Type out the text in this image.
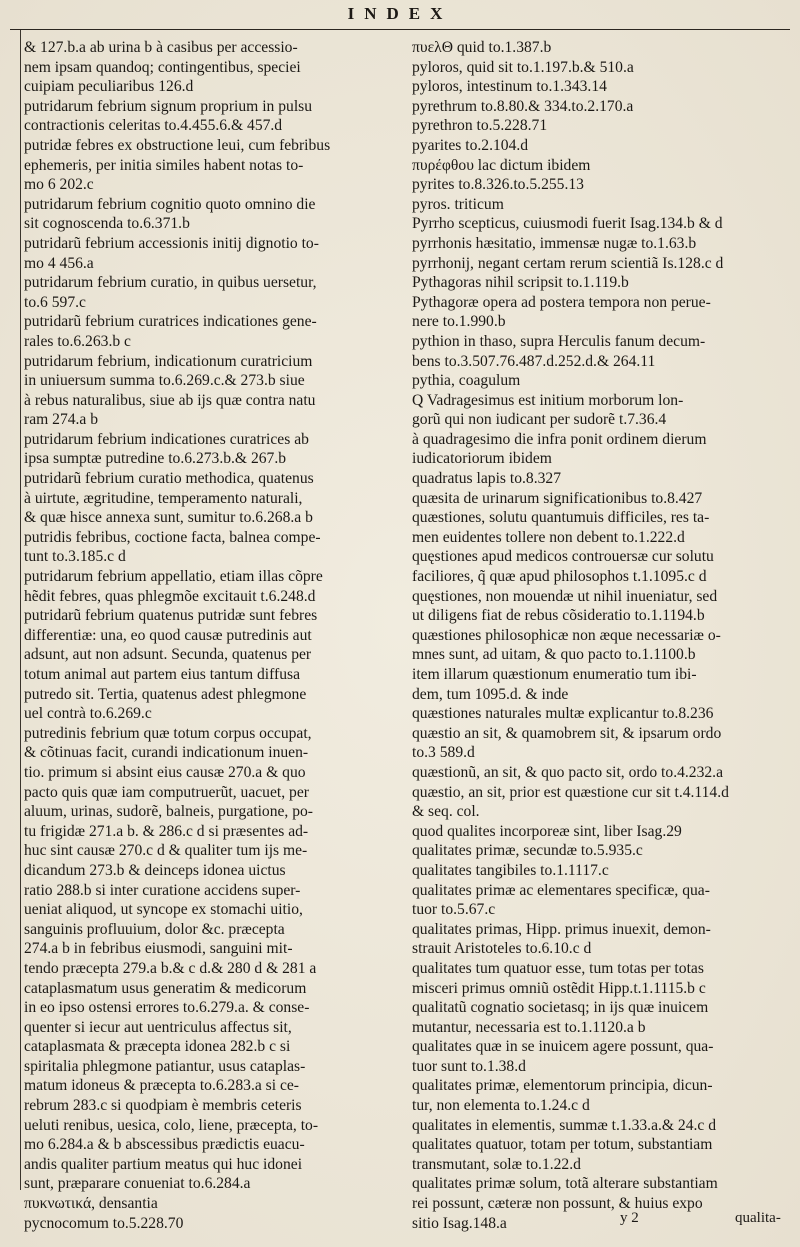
INDEX
& 127.b.a ab urina b à casibus per accessio-
nem ipsam quandoq; contingentibus, speciei
cuipiam peculiaribus 126.d
putridarum febrium signum proprium in pulsu
contractionis celeritas to.4.455.6.& 457.d
putridæ febres ex obstructione leui, cum febribus
ephemeris, per initia similes habent notas to-
mo 6 202.c
putridarum febrium cognitio quoto omnino die
sit cognoscenda to.6.371.b
putridarũ febrium accessionis initij dignotio to-
mo 4 456.a
putridarum febrium curatio, in quibus uersetur,
to.6 597.c
putridarũ febrium curatrices indicationes gene-
rales to.6.263.b c
putridarum febrium, indicationum curatricium
in uniuersum summa to.6.269.c.& 273.b siue
à rebus naturalibus, siue ab ijs quæ contra natu
ram 274.a b
putridarum febrium indicationes curatrices ab
ipsa sumptæ putredine to.6.273.b.& 267.b
putridarũ febrium curatio methodica, quatenus
à uirtute, ægritudine, temperamento naturali,
& quæ hisce annexa sunt, sumitur to.6.268.a b
putridis febribus, coctione facta, balnea compe-
tunt to.3.185.c d
putridarum febrium appellatio, etiam illas cõpre
hẽdit febres, quas phlegmõe excitauit t.6.248.d
putridarũ febrium quatenus putridæ sunt febres
differentiæ: una, eo quod causæ putredinis aut
adsunt, aut non adsunt. Secunda, quatenus per
totum animal aut partem eius tantum diffusa
putredo sit. Tertia, quatenus adest phlegmone
uel contrà to.6.269.c
putredinis febrium quæ totum corpus occupat,
& cõtinuas facit, curandi indicationum inuen-
tio. primum si absint eius causæ 270.a & quo
pacto quis quæ iam computruerũt, uacuet, per
aluum, urinas, sudorẽ, balneis, purgatione, po-
tu frigidæ 271.a b. & 286.c d si præsentes ad-
huc sint causæ 270.c d & qualiter tum ijs me-
dicandum 273.b & deinceps idonea uictus
ratio 288.b si inter curatione accidens super-
ueniat aliquod, ut syncope ex stomachi uitio,
sanguinis profluuium, dolor &c. præcepta
274.a b in febribus eiusmodi, sanguini mit-
tendo præcepta 279.a b.& c d.& 280 d & 281 a
cataplasmatum usus generatim & medicorum
in eo ipso ostensi errores to.6.279.a. & conse-
quenter si iecur aut uentriculus affectus sit,
cataplasmata & præcepta idonea 282.b c si
spiritalia phlegmone patiantur, usus cataplas-
matum idoneus & præcepta to.6.283.a si ce-
rebrum 283.c si quodpiam è membris ceteris
ueluti renibus, uesica, colo, liene, præcepta, to-
mo 6.284.a & b abscessibus prædictis euacu-
andis qualiter partium meatus qui huc idonei
sunt, præparare conueniat to.6.284.a
πυκνωτικά, densantia
pycnocomum to.5.228.70
πυελΘ quid to.1.387.b
pyloros, quid sit to.1.197.b.& 510.a
pyloros, intestinum to.1.343.14
pyrethrum to.8.80.& 334.to.2.170.a
pyrethron to.5.228.71
pyarites to.2.104.d
πυρέφθου lac dictum ibidem
pyrites to.8.326.to.5.255.13
pyros. triticum
Pyrrho scepticus, cuiusmodi fuerit Isag.134.b & d
pyrrhonis hæsitatio, immensæ nugæ to.1.63.b
pyrrhonij, negant certam rerum scientiã Is.128.c d
Pythagoras nihil scripsit to.1.119.b
Pythagoræ opera ad postera tempora non perue-
nere to.1.990.b
pythion in thaso, supra Herculis fanum decum-
bens to.3.507.76.487.d.252.d.& 264.11
pythia, coagulum
Q Vadragesimus est initium morborum lon-
gorũ qui non iudicant per sudorẽ t.7.36.4
à quadragesimo die infra ponit ordinem dierum
iudicatoriorum ibidem
quadratus lapis to.8.327
quæsita de urinarum significationibus to.8.427
quæstiones, solutu quantumuis difficiles, res ta-
men euidentes tollere non debent to.1.222.d
quęstiones apud medicos controuersæ cur solutu
faciliores, q̃ quæ apud philosophos t.1.1095.c d
quęstiones, non mouendæ ut nihil inueniatur, sed
ut diligens fiat de rebus cõsideratio to.1.1194.b
quæstiones philosophicæ non æque necessariæ o-
mnes sunt, ad uitam, & quo pacto to.1.1100.b
item illarum quæstionum enumeratio tum ibi-
dem, tum 1095.d. & inde
quæstiones naturales multæ explicantur to.8.236
quæstio an sit, & quamobrem sit, & ipsarum ordo
to.3 589.d
quæstionũ, an sit, & quo pacto sit, ordo to.4.232.a
quæstio, an sit, prior est quæstione cur sit t.4.114.d
& seq. col.
quod qualites incorporeæ sint, liber Isag.29
qualitates primæ, secundæ to.5.935.c
qualitates tangibiles to.1.1117.c
qualitates primæ ac elementares specificæ, qua-
tuor to.5.67.c
qualitates primas, Hipp. primus inuexit, demon-
strauit Aristoteles to.6.10.c d
qualitates tum quatuor esse, tum totas per totas
misceri primus omniũ ostẽdit Hipp.t.1.1115.b c
qualitatũ cognatio societasq; in ijs quæ inuicem
mutantur, necessaria est to.1.1120.a b
qualitates quæ in se inuicem agere possunt, qua-
tuor sunt to.1.38.d
qualitates primæ, elementorum principia, dicun-
tur, non elementa to.1.24.c d
qualitates in elementis, summæ t.1.33.a.& 24.c d
qualitates quatuor, totam per totum, substantiam
transmutant, solæ to.1.22.d
qualitates primæ solum, totã alterare substantiam
rei possunt, cæteræ non possunt, & huius expo
sitio Isag.148.a	y 2	qualita-
